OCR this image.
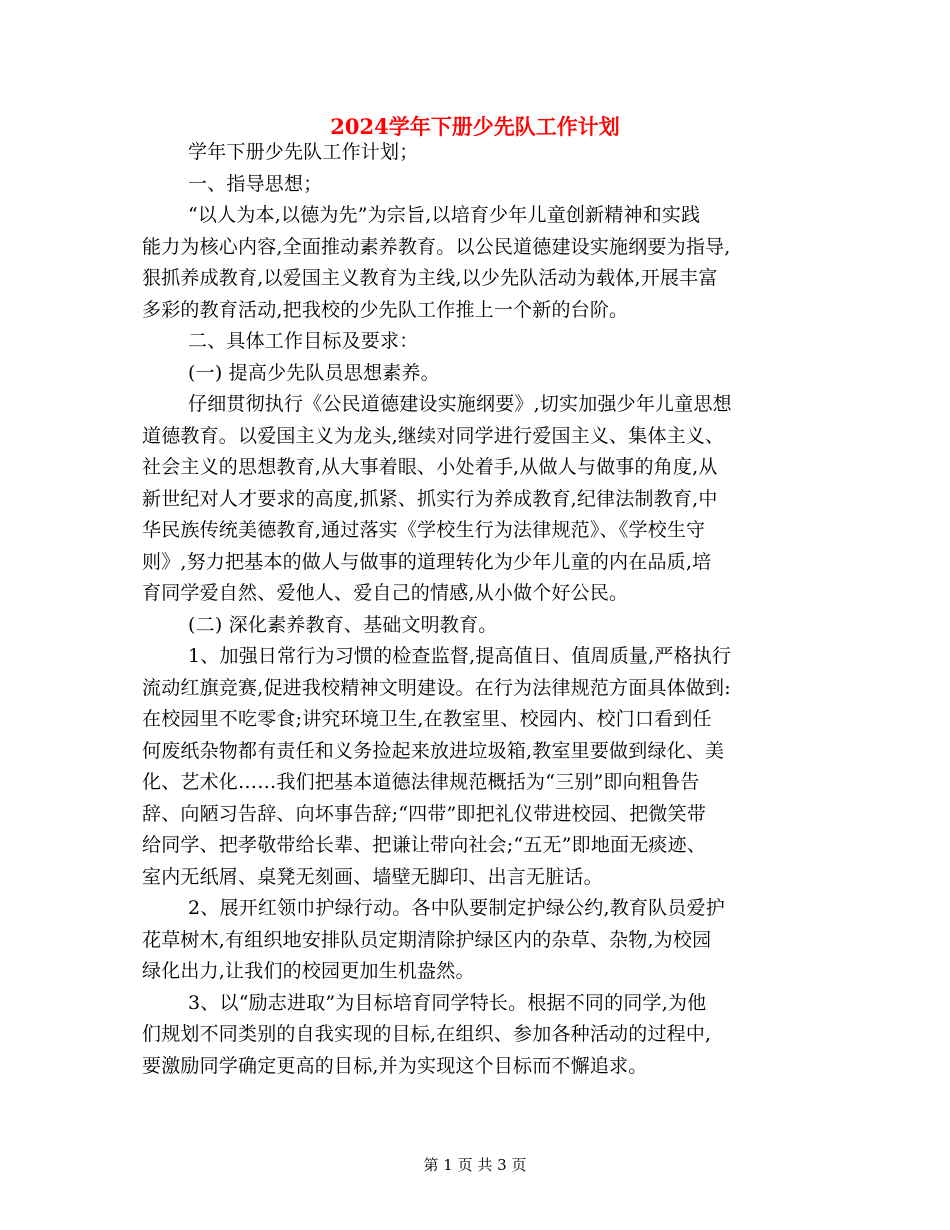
2024学年下册少先队工作计划
学年下册少先队工作计划；
一、指导思想；
“以人为本,以德为先”为宗旨,以培育少年儿童创新精神和实践
能力为核心内容,全面推动素养教育。以公民道德建设实施纲要为指导,
狠抓养成教育,以爱国主义教育为主线,以少先队活动为载体,开展丰富
多彩的教育活动,把我校的少先队工作推上一个新的台阶。
二、具体工作目标及要求：
(一) 提高少先队员思想素养。
仔细贯彻执行《公民道德建设实施纲要》,切实加强少年儿童思想
道德教育。以爱国主义为龙头,继续对同学进行爱国主义、集体主义、
社会主义的思想教育,从大事着眼、小处着手,从做人与做事的角度,从
新世纪对人才要求的高度,抓紧、抓实行为养成教育,纪律法制教育,中
华民族传统美德教育,通过落实《学校生行为法律规范》、《学校生守
则》,努力把基本的做人与做事的道理转化为少年儿童的内在品质,培
育同学爱自然、爱他人、爱自己的情感,从小做个好公民。
(二) 深化素养教育、基础文明教育。
1、加强日常行为习惯的检查监督,提高值日、值周质量,严格执行
流动红旗竞赛,促进我校精神文明建设。在行为法律规范方面具体做到:
在校园里不吃零食;讲究环境卫生,在教室里、校园内、校门口看到任
何废纸杂物都有责任和义务捡起来放进垃圾箱,教室里要做到绿化、美
化、艺术化……我们把基本道德法律规范概括为“三别”即向粗鲁告
辞、向陋习告辞、向坏事告辞;“四带”即把礼仪带进校园、把微笑带
给同学、把孝敬带给长辈、把谦让带向社会;“五无”即地面无痰迹、
室内无纸屑、桌凳无刻画、墙壁无脚印、出言无脏话。
2、展开红领巾护绿行动。各中队要制定护绿公约,教育队员爱护
花草树木,有组织地安排队员定期清除护绿区内的杂草、杂物,为校园
绿化出力,让我们的校园更加生机盎然。
3、以“励志进取”为目标培育同学特长。根据不同的同学,为他
们规划不同类别的自我实现的目标,在组织、参加各种活动的过程中,
要激励同学确定更高的目标,并为实现这个目标而不懈追求。
第 1 页 共 3 页
